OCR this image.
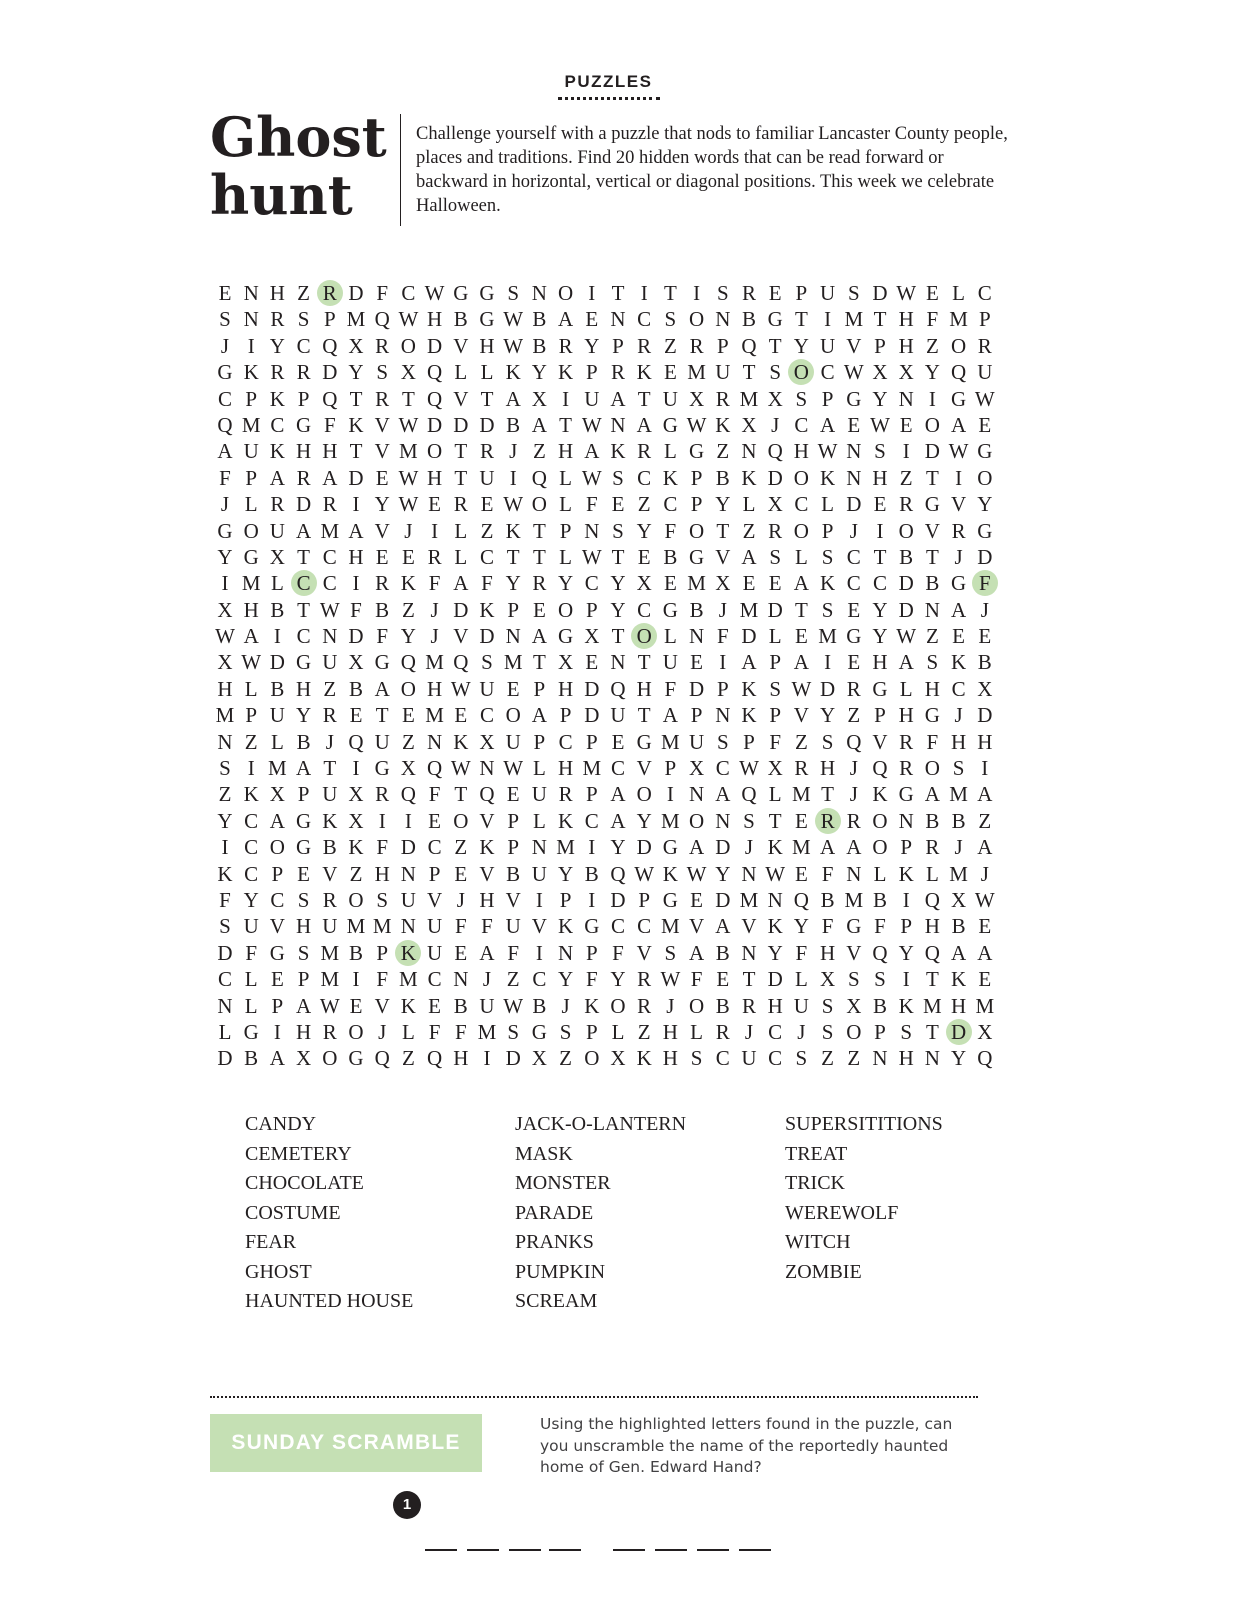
PUZZLES
Ghost
hunt

Challenge yourself with a puzzle that nods to familiar Lancaster County people, places and traditions. Find 20 hidden words that can be read forward or backward in horizontal, vertical or diagonal positions. This week we celebrate Halloween.

E N H Z R D F C W G G S N O I T I T I S R E P U S D W E L C
S N R S P M Q W H B G W B A E N C S O N B G T I M T H F M P
J I Y C Q X R O D V H W B R Y P R Z R P Q T Y U V P H Z O R
G K R R D Y S X Q L L K Y K P R K E M U T S O C W X X Y Q U
C P K P Q T R T Q V T A X I U A T U X R M X S P G Y N I G W
Q M C G F K V W D D D B A T W N A G W K X J C A E W E O A E
A U K H H T V M O T R J Z H A K R L G Z N Q H W N S I D W G
F P A R A D E W H T U I Q L W S C K P B K D O K N H Z T I O
J L R D R I Y W E R E W O L F E Z C P Y L X C L D E R G V Y
G O U A M A V J I L Z K T P N S Y F O T Z R O P J I O V R G
Y G X T C H E E R L C T T L W T E B G V A S L S C T B T J D
I M L C C I R K F A F Y R Y C Y X E M X E E A K C C D B G F
X H B T W F B Z J D K P E O P Y C G B J M D T S E Y D N A J
W A I C N D F Y J V D N A G X T O L N F D L E M G Y W Z E E
X W D G U X G Q M Q S M T X E N T U E I A P A I E H A S K B
H L B H Z B A O H W U E P H D Q H F D P K S W D R G L H C X
M P U Y R E T E M E C O A P D U T A P N K P V Y Z P H G J D
N Z L B J Q U Z N K X U P C P E G M U S P F Z S Q V R F H H
S I M A T I G X Q W N W L H M C V P X C W X R H J Q R O S I
Z K X P U X R Q F T Q E U R P A O I N A Q L M T J K G A M A
Y C A G K X I I E O V P L K C A Y M O N S T E R R O N B B Z
I C O G B K F D C Z K P N M I Y D G A D J K M A A O P R J A
K C P E V Z H N P E V B U Y B Q W K W Y N W E F N L K L M J
F Y C S R O S U V J H V I P I D P G E D M N Q B M B I Q X W
S U V H U M M N U F F U V K G C C M V A V K Y F G F P H B E
D F G S M B P K U E A F I N P F V S A B N Y F H V Q Y Q A A
C L E P M I F M C N J Z C Y F Y R W F E T D L X S S I T K E
N L P A W E V K E B U W B J K O R J O B R H U S X B K M H M
L G I H R O J L F F M S G S P L Z H L R J C J S O P S T D X
D B A X O G Q Z Q H I D X Z O X K H S C U C S Z Z N H N Y Q
CANDY
CEMETERY
CHOCOLATE
COSTUME
FEAR
GHOST
HAUNTED HOUSE
JACK-O-LANTERN
MASK
MONSTER
PARADE
PRANKS
PUMPKIN
SCREAM
SUPERSITITIONS
TREAT
TRICK
WEREWOLF
WITCH
ZOMBIE
SUNDAY SCRAMBLE

Using the highlighted letters found in the puzzle, can you unscramble the name of the reportedly haunted home of Gen. Edward Hand?

1
